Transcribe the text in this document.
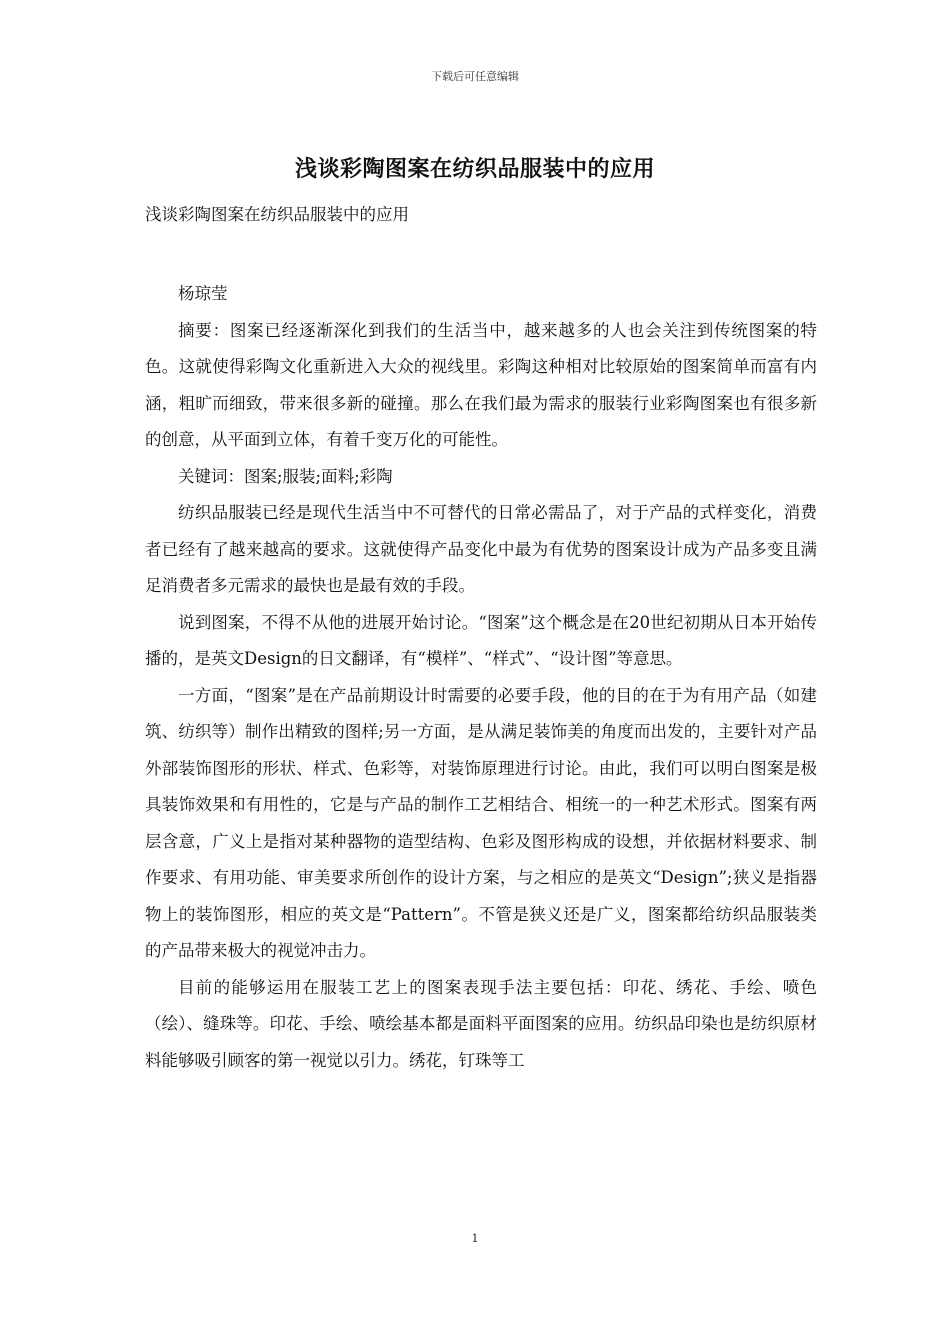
下载后可任意编辑
浅谈彩陶图案在纺织品服装中的应用

浅谈彩陶图案在纺织品服装中的应用

杨琼莹

摘要：图案已经逐渐深化到我们的生活当中，越来越多的人也会关注到传统图案的特色。这就使得彩陶文化重新进入大众的视线里。彩陶这种相对比较原始的图案简单而富有内涵，粗旷而细致，带来很多新的碰撞。那么在我们最为需求的服装行业彩陶图案也有很多新的创意，从平面到立体，有着千变万化的可能性。

关键词：图案;服装;面料;彩陶

纺织品服装已经是现代生活当中不可替代的日常必需品了，对于产品的式样变化，消费者已经有了越来越高的要求。这就使得产品变化中最为有优势的图案设计成为产品多变且满足消费者多元需求的最快也是最有效的手段。

说到图案，不得不从他的进展开始讨论。“图案”这个概念是在20世纪初期从日本开始传播的，是英文Design的日文翻译，有“模样”、“样式”、“设计图”等意思。

一方面，“图案”是在产品前期设计时需要的必要手段，他的目的在于为有用产品（如建筑、纺织等）制作出精致的图样;另一方面，是从满足装饰美的角度而出发的，主要针对产品外部装饰图形的形状、样式、色彩等，对装饰原理进行讨论。由此，我们可以明白图案是极具装饰效果和有用性的，它是与产品的制作工艺相结合、相统一的一种艺术形式。图案有两层含意，广义上是指对某种器物的造型结构、色彩及图形构成的设想，并依据材料要求、制作要求、有用功能、审美要求所创作的设计方案，与之相应的是英文“Design”;狭义是指器物上的装饰图形，相应的英文是“Pattern”。不管是狭义还是广义，图案都给纺织品服装类的产品带来极大的视觉冲击力。

目前的能够运用在服装工艺上的图案表现手法主要包括：印花、绣花、手绘、喷色（绘）、缝珠等。印花、手绘、喷绘基本都是面料平面图案的应用。纺织品印染也是纺织原材料能够吸引顾客的第一视觉以引力。绣花，钉珠等工

1
